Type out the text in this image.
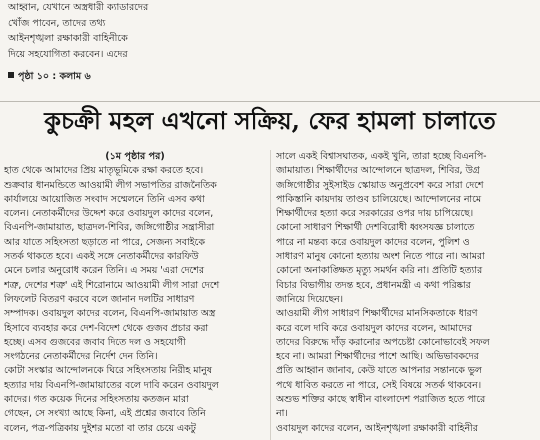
আহ্বান, যেখানে অস্ত্রধারী ক্যাডারদের
খোঁজ পাবেন, তাদের তথ্য
আইনশৃঙ্খলা রক্ষাকারী বাহিনীকে
দিয়ে সহযোগিতা করবেন। এদের
পৃষ্ঠা ১০ : কলাম ৬
কুচক্রী মহল এখনো সক্রিয়, ফের হামলা চালাতে
(১ম পৃষ্ঠার পর)
হাত থেকে আমাদের প্রিয় মাতৃভূমিকে রক্ষা করতে হবে।
শুক্রবার ধানমন্ডিতে আওয়ামী লীগ সভাপতির রাজনৈতিক
কার্যালয়ে আয়োজিত সংবাদ সম্মেলনে তিনি এসব কথা
বলেন। নেতাকর্মীদের উদ্দেশ করে ওবায়দুল কাদের বলেন,
বিএনপি-জামায়াত, ছাত্রদল-শিবির, জঙ্গিগোষ্ঠীর সন্ত্রাসীরা
আর যাতে সহিংসতা ছড়াতে না পারে, সেজন্য সবাইকে
সতর্ক থাকতে হবে। একই সঙ্গে নেতাকর্মীদের কারফিউ
মেনে চলার অনুরোধ করেন তিনি। এ সময় 'এরা দেশের
শত্রু, দেশের শত্রু' এই শিরোনামে আওয়ামী লীগ সারা দেশে
লিফলেট বিতরণ করবে বলে জানান দলটির সাধারণ
সম্পাদক। ওবায়দুল কাদের বলেন, বিএনপি-জামায়াত অস্ত্র
হিসাবে ব্যবহার করে দেশ-বিদেশ থেকে গুজব প্রচার করা
হচ্ছে। এসব গুজবের জবাব দিতে দল ও সহযোগী
সংগঠনের নেতাকর্মীদের নির্দেশ দেন তিনি।
কোটা সংস্কার আন্দোলনকে ঘিরে সহিংসতায় নিরীহ মানুষ
হত্যার দায় বিএনপি-জামায়াতের বলে দাবি করেন ওবায়দুল
কাদের। গত কয়েক দিনের সহিংসতায় কতজন মারা
গেছেন, সে সংখ্যা আছে কিনা, এই প্রশ্নের জবাবে তিনি
বলেন, পত্র-পত্রিকায় দুইশর মতো বা তার চেয়ে একটু
সালে একই বিশ্বাসঘাতক, একই খুনি, তারা হচ্ছে বিএনপি-
জামায়াত। শিক্ষার্থীদের আন্দোলনে ছাত্রদল, শিবির, উগ্র
জঙ্গিগোষ্ঠীর সুইসাইড স্কোয়াড অনুপ্রবেশ করে সারা দেশে
পাকিস্তানি কায়দায় তাণ্ডব চালিয়েছে। আন্দোলনের নামে
শিক্ষার্থীদের হত্যা করে সরকারের ওপর দায় চাপিয়েছে।
কোনো সাধারণ শিক্ষার্থী দেশবিরোধী ধ্বংসযজ্ঞ চালাতে
পারে না মন্তব্য করে ওবায়দুল কাদের বলেন, পুলিশ ও
সাধারণ মানুষ কোনো হত্যায় অংশ নিতে পারে না। আমরা
কোনো অনাকাঙ্ক্ষিত মৃত্যু সমর্থন করি না। প্রতিটি হত্যার
বিচার বিভাগীয় তদন্ত হবে, প্রধানমন্ত্রী এ কথা পরিষ্কার
জানিয়ে দিয়েছেন।
আওয়ামী লীগ সাধারণ শিক্ষার্থীদের মানসিকতাকে ধারণ
করে বলে দাবি করে ওবায়দুল কাদের বলেন, আমাদের
তাদের বিরুদ্ধে দাঁড় করানোর অপচেষ্টা কোনোভাবেই সফল
হবে না। আমরা শিক্ষার্থীদের পাশে আছি। অভিভাবকদের
প্রতি আহ্বান জানাব, কেউ যাতে আপনার সন্তানকে ভুল
পথে ধাবিত করতে না পারে, সেই বিষয়ে সতর্ক থাকবেন।
অশুভ শক্তির কাছে স্বাধীন বাংলাদেশ পরাজিত হতে পারে
না।
ওবায়দুল কাদের বলেন, আইনশৃঙ্খলা রক্ষাকারী বাহিনীর
